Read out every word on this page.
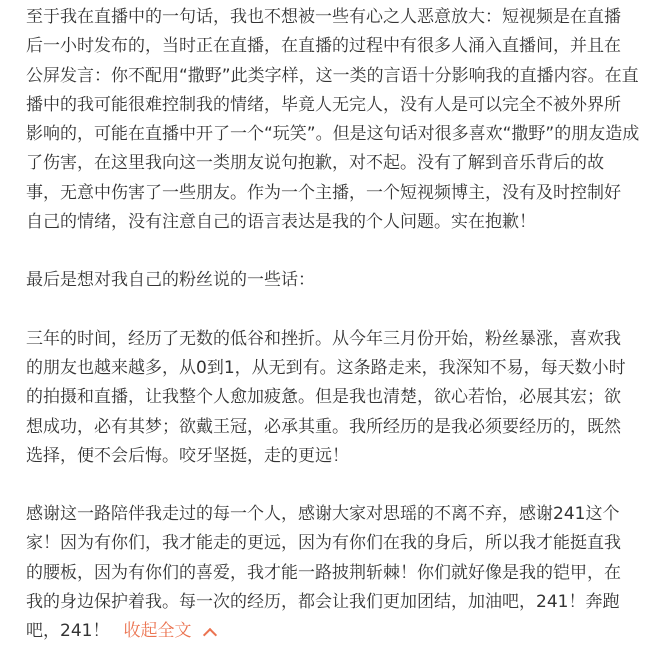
至于我在直播中的一句话，我也不想被一些有心之人恶意放大：短视频是在直播
后一小时发布的，当时正在直播，在直播的过程中有很多人涌入直播间，并且在
公屏发言：你不配用“撒野”此类字样，这一类的言语十分影响我的直播内容。在直
播中的我可能很难控制我的情绪，毕竟人无完人，没有人是可以完全不被外界所
影响的，可能在直播中开了一个“玩笑”。但是这句话对很多喜欢“撒野”的朋友造成
了伤害，在这里我向这一类朋友说句抱歉，对不起。没有了解到音乐背后的故
事，无意中伤害了一些朋友。作为一个主播，一个短视频博主，没有及时控制好
自己的情绪，没有注意自己的语言表达是我的个人问题。实在抱歉！

最后是想对我自己的粉丝说的一些话：

三年的时间，经历了无数的低谷和挫折。从今年三月份开始，粉丝暴涨，喜欢我
的朋友也越来越多，从0到1，从无到有。这条路走来，我深知不易，每天数小时
的拍摄和直播，让我整个人愈加疲惫。但是我也清楚，欲心若怡，必展其宏；欲
想成功，必有其梦；欲戴王冠，必承其重。我所经历的是我必须要经历的，既然
选择，便不会后悔。咬牙坚挺，走的更远！

感谢这一路陪伴我走过的每一个人，感谢大家对思瑶的不离不弃，感谢241这个
家！因为有你们，我才能走的更远，因为有你们在我的身后，所以我才能挺直我
的腰板，因为有你们的喜爱，我才能一路披荆斩棘！你们就好像是我的铠甲，在
我的身边保护着我。每一次的经历，都会让我们更加团结，加油吧，241！奔跑
吧，241！ 收起全文
